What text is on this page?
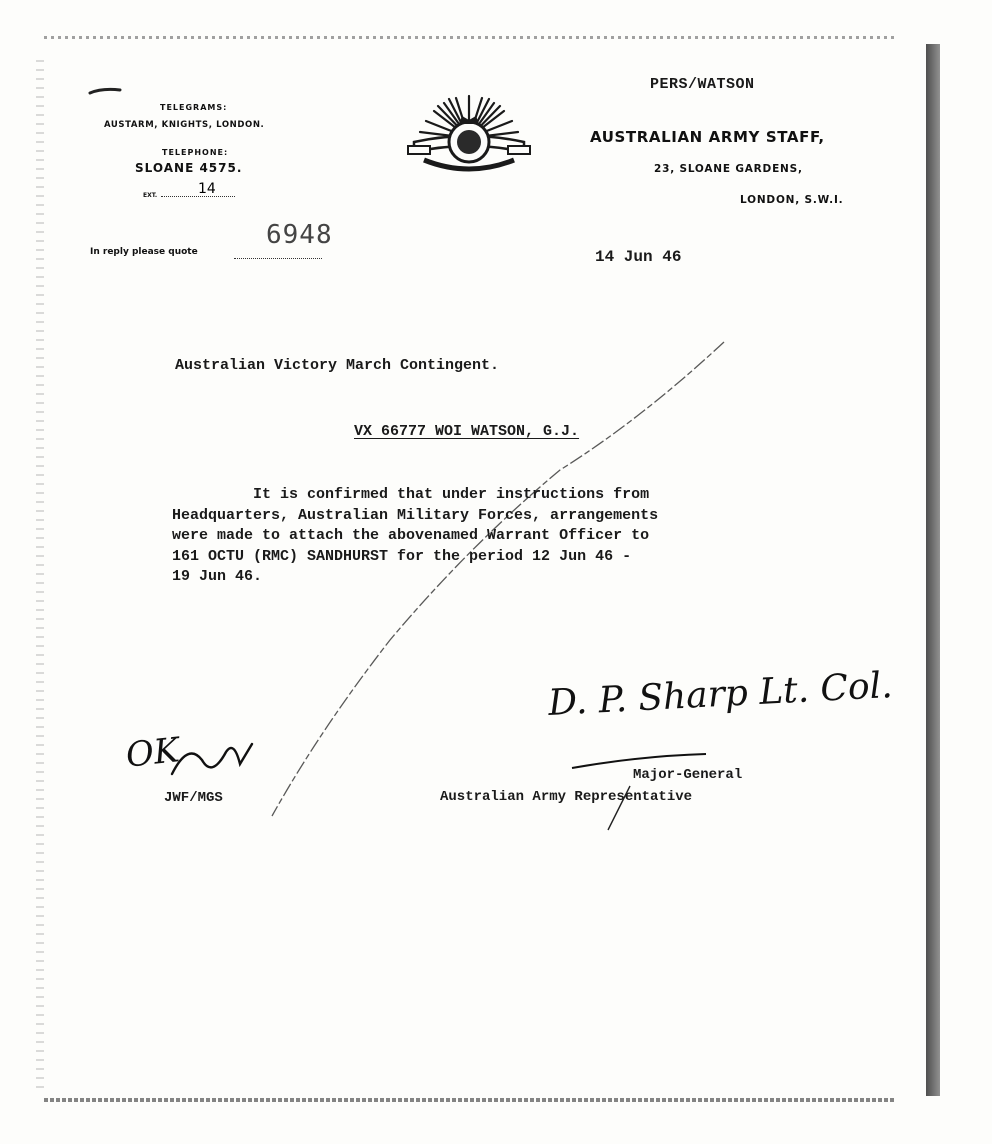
TELEGRAMS:
AUSTARM, KNIGHTS, LONDON.
TELEPHONE:
SLOANE 4575.
EXT.	14
In reply please quote
6948
PERS/WATSON
AUSTRALIAN ARMY STAFF,
23, SLOANE GARDENS,
LONDON, S.W.I.
14 Jun 46
Australian Victory March Contingent.
VX 66777 WOI WATSON, G.J.
It is confirmed that under instructions from
Headquarters, Australian Military Forces, arrangements
were made to attach the abovenamed Warrant Officer to
161 OCTU (RMC) SANDHURST for the period 12 Jun 46 -
19 Jun 46.
D. P. Sharp Lt. Col.
Major-General
Australian Army Representative
OK
JWF/MGS
